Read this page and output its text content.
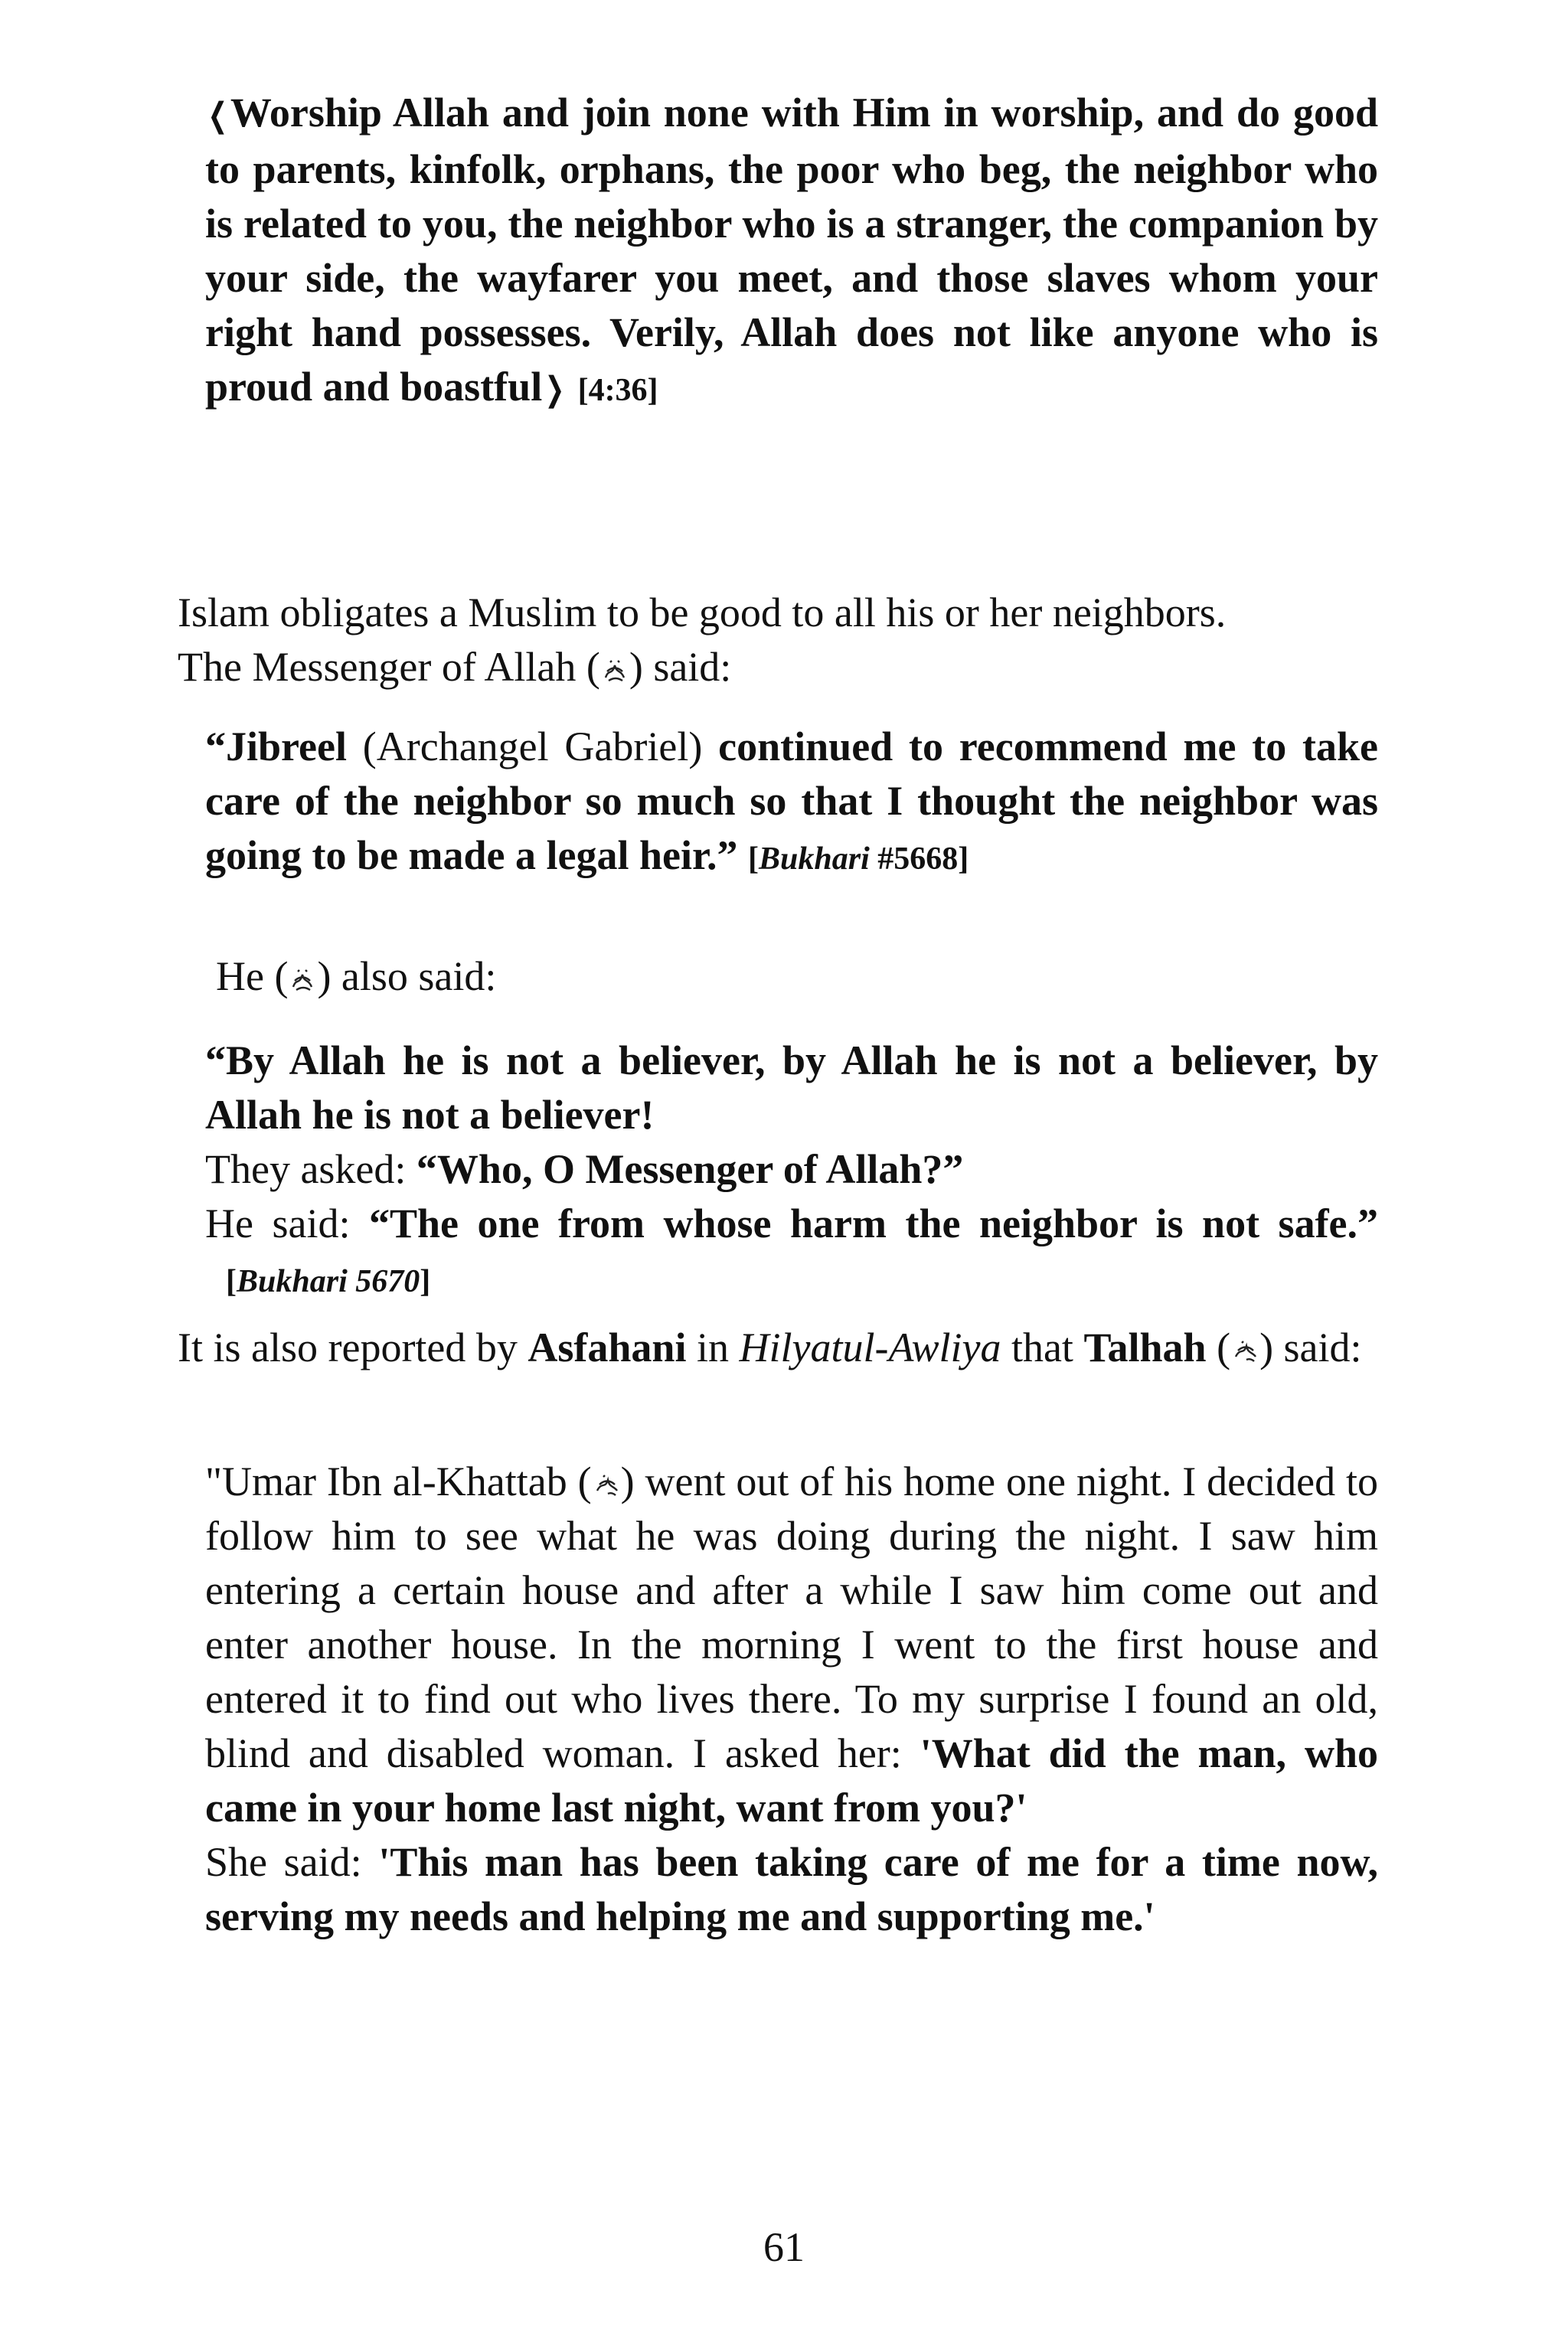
❮Worship Allah and join none with Him in worship, and do good to parents, kinfolk, orphans, the poor who beg, the neighbor who is related to you, the neighbor who is a stranger, the companion by your side, the wayfarer you meet, and those slaves whom your right hand possesses. Verily, Allah does not like anyone who is proud and boastful❯ [4:36]

Islam obligates a Muslim to be good to all his or her neighbors.
The Messenger of Allah ( ) said:

“Jibreel (Archangel Gabriel) continued to recommend me to take care of the neighbor so much so that I thought the neighbor was going to be made a legal heir.” [Bukhari #5668]

He ( ) also said:

“By Allah he is not a believer, by Allah he is not a believer, by Allah he is not a believer!
They asked: “Who, O Messenger of Allah?”
He said: “The one from whose harm the neighbor is not safe.”   [Bukhari 5670]

It is also reported by Asfahani in Hilyatul-Awliya that Talhah ( ) said:

"Umar Ibn al-Khattab ( ) went out of his home one night. I decided to follow him to see what he was doing during the night. I saw him entering a certain house and after a while I saw him come out and enter another house. In the morning I went to the first house and entered it to find out who lives there. To my surprise I found an old, blind and disabled woman. I asked her: 'What did the man, who came in your home last night, want from you?'
She said: 'This man has been taking care of me for a time now, serving my needs and helping me and supporting me.'
61
